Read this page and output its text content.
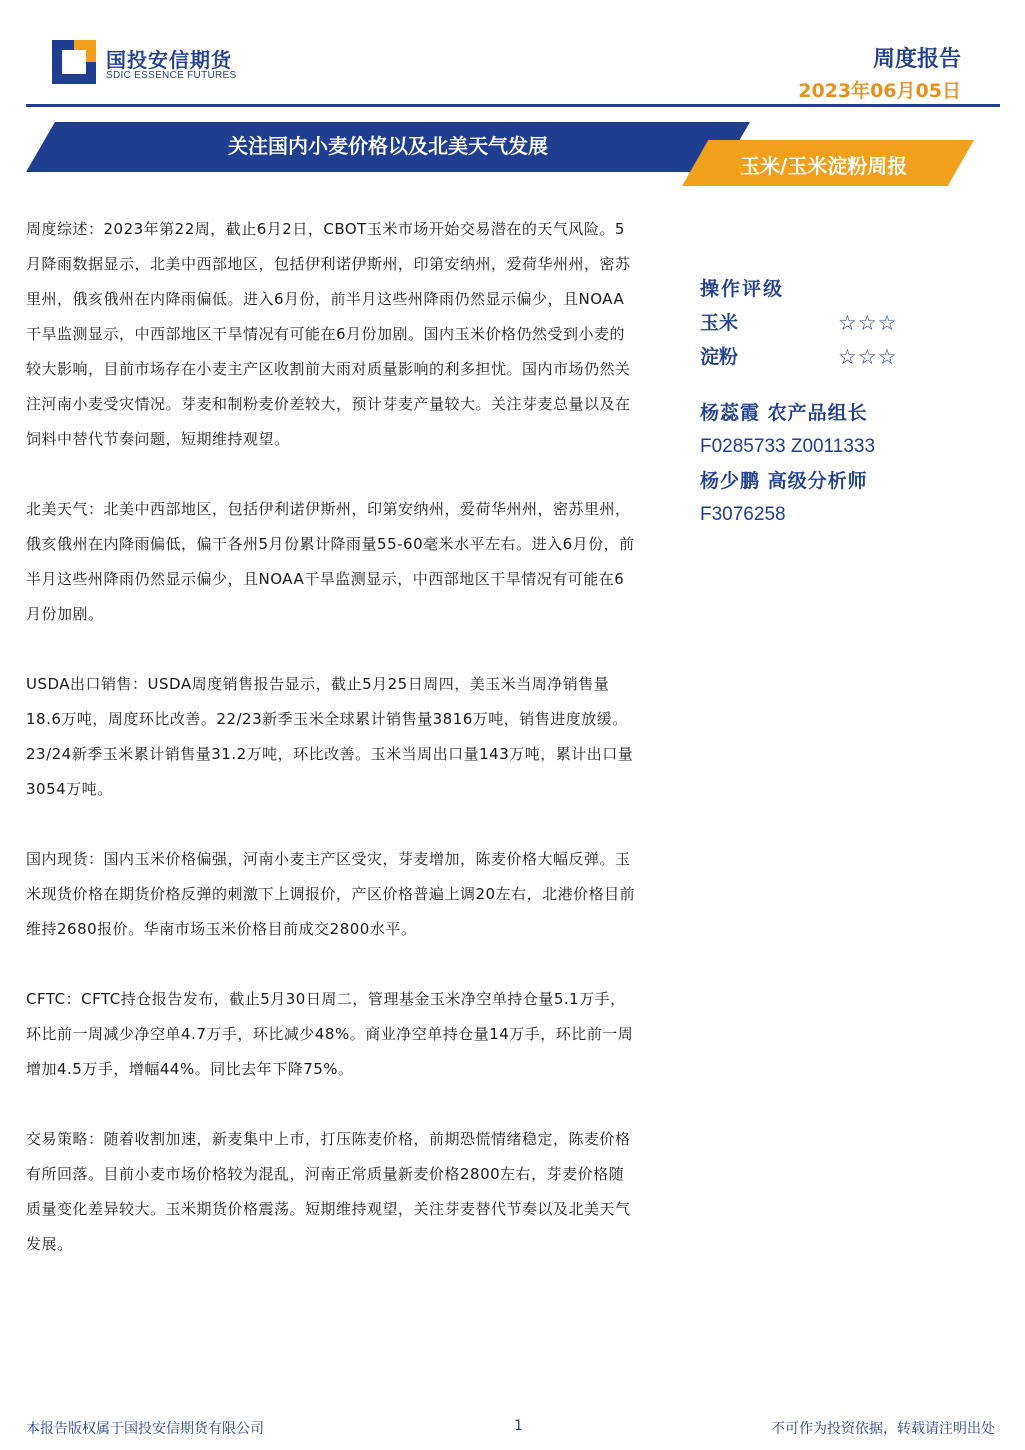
国投安信期货
SDIC ESSENCE FUTURES
周度报告
2023年06月05日
关注国内小麦价格以及北美天气发展
玉米/玉米淀粉周报

周度综述：2023年第22周，截止6月2日，CBOT玉米市场开始交易潜在的天气风险。5月降雨数据显示，北美中西部地区，包括伊利诺伊斯州，印第安纳州，爱荷华州州，密苏里州，俄亥俄州在内降雨偏低。进入6月份，前半月这些州降雨仍然显示偏少，且NOAA干旱监测显示，中西部地区干旱情况有可能在6月份加剧。国内玉米价格仍然受到小麦的较大影响，目前市场存在小麦主产区收割前大雨对质量影响的利多担忧。国内市场仍然关注河南小麦受灾情况。芽麦和制粉麦价差较大，预计芽麦产量较大。关注芽麦总量以及在饲料中替代节奏问题，短期维持观望。

北美天气：北美中西部地区，包括伊利诺伊斯州，印第安纳州，爱荷华州州，密苏里州，俄亥俄州在内降雨偏低，偏干各州5月份累计降雨量55-60毫米水平左右。进入6月份，前半月这些州降雨仍然显示偏少，且NOAA干旱监测显示，中西部地区干旱情况有可能在6月份加剧。

USDA出口销售：USDA周度销售报告显示，截止5月25日周四，美玉米当周净销售量18.6万吨，周度环比改善。22/23新季玉米全球累计销售量3816万吨，销售进度放缓。23/24新季玉米累计销售量31.2万吨，环比改善。玉米当周出口量143万吨，累计出口量3054万吨。

国内现货：国内玉米价格偏强，河南小麦主产区受灾，芽麦增加，陈麦价格大幅反弹。玉米现货价格在期货价格反弹的刺激下上调报价，产区价格普遍上调20左右，北港价格目前维持2680报价。华南市场玉米价格目前成交2800水平。

CFTC：CFTC持仓报告发布，截止5月30日周二，管理基金玉米净空单持仓量5.1万手，环比前一周减少净空单4.7万手，环比减少48%。商业净空单持仓量14万手，环比前一周增加4.5万手，增幅44%。同比去年下降75%。

交易策略：随着收割加速，新麦集中上市，打压陈麦价格，前期恐慌情绪稳定，陈麦价格有所回落。目前小麦市场价格较为混乱，河南正常质量新麦价格2800左右，芽麦价格随质量变化差异较大。玉米期货价格震荡。短期维持观望，关注芽麦替代节奏以及北美天气发展。

操作评级
玉米	☆☆☆
淀粉	☆☆☆
杨蕊霞 农产品组长
F0285733 Z0011333
杨少鹏 高级分析师
F3076258
本报告版权属于国投安信期货有限公司	1	不可作为投资依据，转载请注明出处
